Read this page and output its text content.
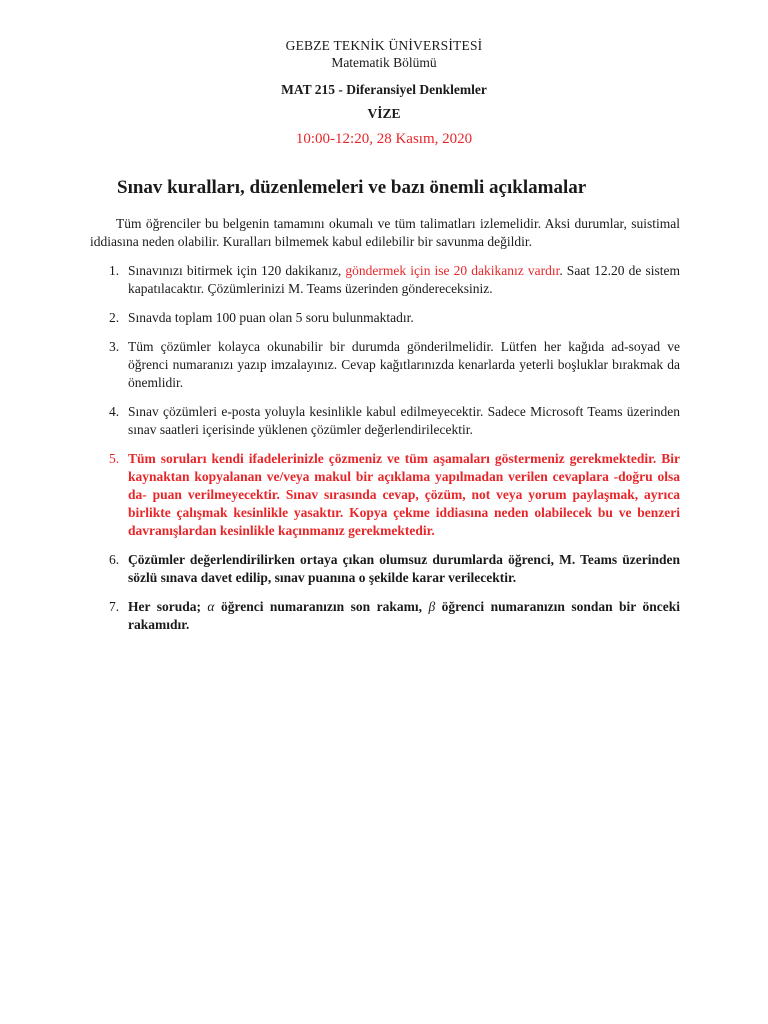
GEBZE TEKNİK ÜNİVERSİTESİ
Matematik Bölümü
MAT 215 - Diferansiyel Denklemler
VİZE
10:00-12:20, 28 Kasım, 2020
Sınav kuralları, düzenlemeleri ve bazı önemli açıklamalar
Tüm öğrenciler bu belgenin tamamını okumalı ve tüm talimatları izlemelidir. Aksi durumlar, suistimal iddiasına neden olabilir. Kuralları bilmemek kabul edilebilir bir savunma değildir.
1. Sınavınızı bitirmek için 120 dakikanız, göndermek için ise 20 dakikanız vardır. Saat 12.20 de sistem kapatılacaktır. Çözümlerinizi M. Teams üzerinden göndereceksiniz.
2. Sınavda toplam 100 puan olan 5 soru bulunmaktadır.
3. Tüm çözümler kolayca okunabilir bir durumda gönderilmelidir. Lütfen her kağıda ad-soyad ve öğrenci numaranızı yazıp imzalayınız. Cevap kağıtlarınızda kenarlarda yeterli boşluklar bırakmak da önemlidir.
4. Sınav çözümleri e-posta yoluyla kesinlikle kabul edilmeyecektir. Sadece Microsoft Teams üzerinden sınav saatleri içerisinde yüklenen çözümler değerlendirilecektir.
5. Tüm soruları kendi ifadelerinizle çözmeniz ve tüm aşamaları göstermeniz gerekmektedir. Bir kaynaktan kopyalanan ve/veya makul bir açıklama yapılmadan verilen cevaplara -doğru olsa da- puan verilmeyecektir. Sınav sırasında cevap, çözüm, not veya yorum paylaşmak, ayrıca birlikte çalışmak kesinlikle yasaktır. Kopya çekme iddiasına neden olabilecek bu ve benzeri davranışlardan kesinlikle kaçınmanız gerekmektedir.
6. Çözümler değerlendirilirken ortaya çıkan olumsuz durumlarda öğrenci, M. Teams üzerinden sözlü sınava davet edilip, sınav puanına o şekilde karar verilecektir.
7. Her soruda; α öğrenci numaranızın son rakamı, β öğrenci numaranızın sondan bir önceki rakamıdır.
